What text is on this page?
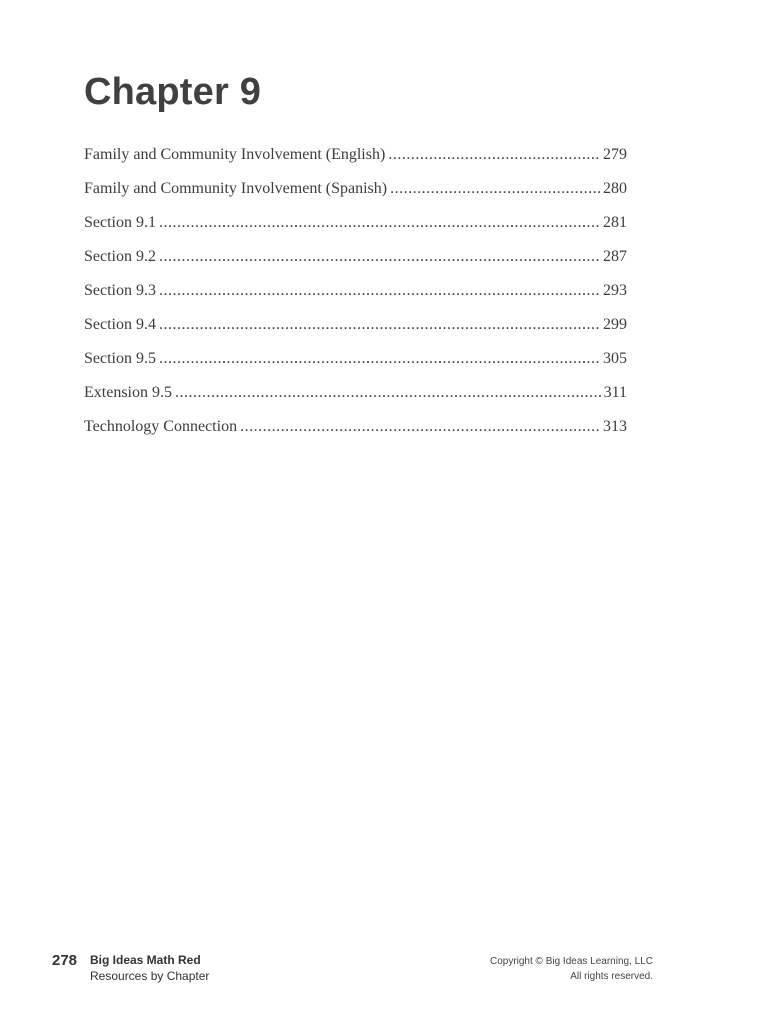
Chapter 9
Family and Community Involvement (English) .....	279
Family and Community Involvement (Spanish) .....	280
Section 9.1 .....	281
Section 9.2 .....	287
Section 9.3 .....	293
Section 9.4 .....	299
Section 9.5 .....	305
Extension 9.5 .....	311
Technology Connection .....	313
278 Big Ideas Math Red
Resources by Chapter
Copyright © Big Ideas Learning, LLC
All rights reserved.
